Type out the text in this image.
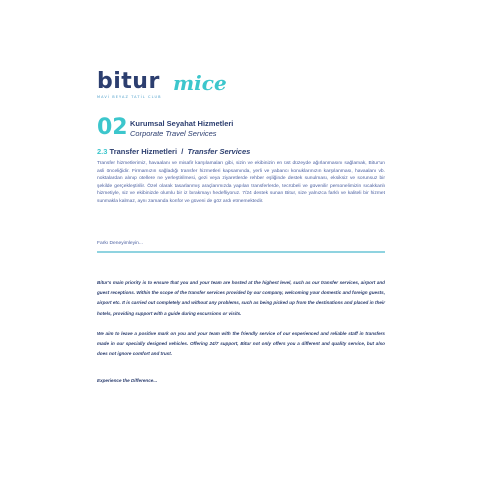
bitur mice
MAVİ BEYAZ TATİL CLUB
02 Kurumsal Seyahat Hizmetleri
Corporate Travel Services
2.3 Transfer Hizmetleri / Transfer Services
Transfer hizmetlerimiz, havaalanı ve misafir karşılamaları gibi, sizin ve ekibinizin en üst düzeyde ağırlanmasını sağlamak, Bitur'un asli önceliğidir. Firmamızın sağladığı transfer hizmetleri kapsamında, yerli ve yabancı konuklarınızın karşılanması, havaalanı vb. noktalardan alınıp otellere ne yerleştirilmesi, gezi veya ziyaretlerde rehber eşliğinde destek sunulması, eksiksiz ve sorunsuz bir şekilde gerçekleştirilir. Özel olarak tasarlanmış araçlarımızda yapılan transferlerde, tecrübeli ve güvenilir personelimizin sıcakkanlı hizmetiyle, siz ve ekibinizde olumlu bir iz bırakmayı hedefliyoruz. 7/24 destek sunan Bitur, size yalnızca farklı ve kaliteli bir hizmet sunmakla kalmaz, aynı zamanda konfor ve güveni de göz ardı etmemektedir.
Farkı Deneyimleyin...

Bitur's main priority is to ensure that you and your team are hosted at the highest level, such as our transfer services, airport and guest receptions. Within the scope of the transfer services provided by our company, welcoming your domestic and foreign guests, airport etc. It is carried out completely and without any problems, such as being picked up from the destinations and placed in their hotels, providing support with a guide during excursions or visits.

We aim to leave a positive mark on you and your team with the friendly service of our experienced and reliable staff in transfers made in our specially designed vehicles. Offering 24/7 support, Bitur not only offers you a different and quality service, but also does not ignore comfort and trust.

Experience the Difference...
